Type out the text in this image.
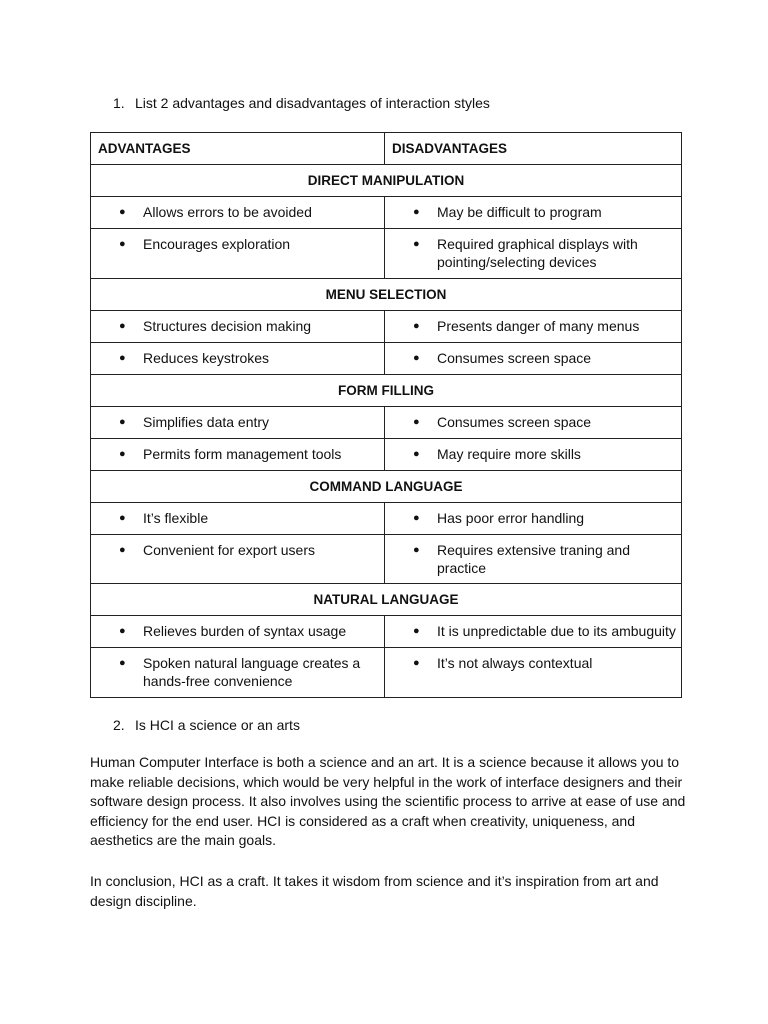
1. List 2 advantages and disadvantages of interaction styles
ADVANTAGES	DISADVANTAGES
DIRECT MANIPULATION	

● Allows errors to be avoided	● May be difficult to program

● Encourages exploration	● Required graphical displays with pointing/selecting devices

MENU SELECTION	

● Structures decision making	● Presents danger of many menus

● Reduces keystrokes	● Consumes screen space

FORM FILLING	

● Simplifies data entry	● Consumes screen space

● Permits form management tools	● May require more skills

COMMAND LANGUAGE	

● It’s flexible	● Has poor error handling

● Convenient for export users	● Requires extensive traning and practice

NATURAL LANGUAGE	

● Relieves burden of syntax usage	● It is unpredictable due to its ambuguity

● Spoken natural language creates a hands-free convenience	● It’s not always contextual
2. Is HCI a science or an arts
Human Computer Interface is both a science and an art. It is a science because it allows you to make reliable decisions, which would be very helpful in the work of interface designers and their software design process. It also involves using the scientific process to arrive at ease of use and efficiency for the end user. HCI is considered as a craft when creativity, uniqueness, and aesthetics are the main goals.
In conclusion, HCI as a craft. It takes it wisdom from science and it’s inspiration from art and design discipline.
